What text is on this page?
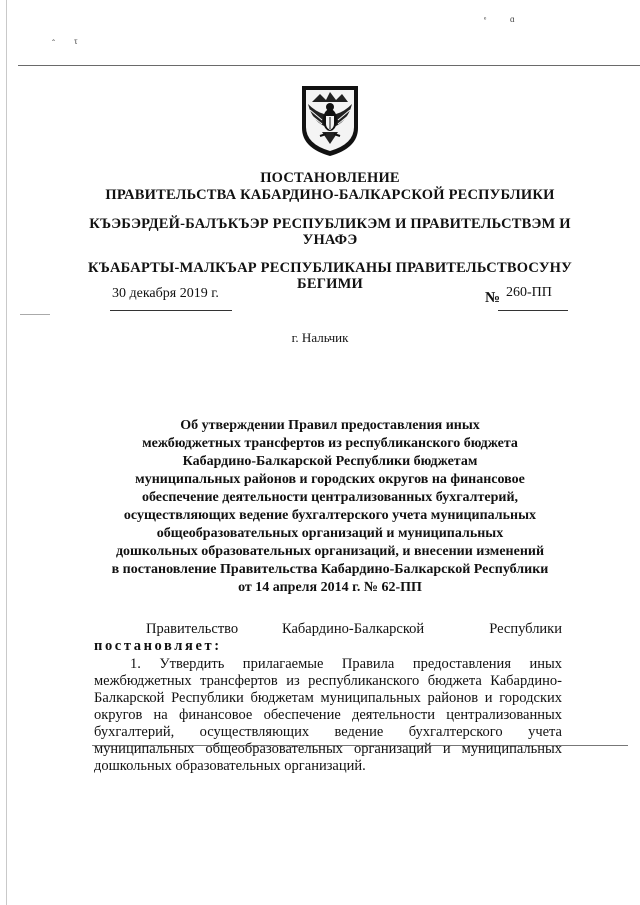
ˆ τ
ᵉ	ɑ
ПОСТАНОВЛЕНИЕ
ПРАВИТЕЛЬСТВА КАБАРДИНО-БАЛКАРСКОЙ РЕСПУБЛИКИ
КЪЭБЭРДЕЙ-БАЛЪКЪЭР РЕСПУБЛИКЭМ И ПРАВИТЕЛЬСТВЭМ И
УНАФЭ
КЪАБАРТЫ-МАЛКЪАР РЕСПУБЛИКАНЫ ПРАВИТЕЛЬСТВОСУНУ
БЕГИМИ
30 декабря 2019 г.	№ 260-ПП
г. Нальчик
Об утверждении Правил предоставления иных
межбюджетных трансфертов из республиканского бюджета
Кабардино-Балкарской Республики бюджетам
муниципальных районов и городских округов на финансовое
обеспечение деятельности централизованных бухгалтерий,
осуществляющих ведение бухгалтерского учета муниципальных
общеобразовательных организаций и муниципальных
дошкольных образовательных организаций, и внесении изменений
в постановление Правительства Кабардино-Балкарской Республики
от 14 апреля 2014 г. № 62-ПП
Правительство	Кабардино-Балкарской	Республики
постановляет:
1. Утвердить прилагаемые Правила предоставления иных межбюджетных трансфертов из республиканского бюджета Кабардино-Балкарской Республики бюджетам муниципальных районов и городских округов на финансовое обеспечение деятельности централизованных бухгалтерий, осуществляющих ведение бухгалтерского учета муниципальных общеобразовательных организаций и муниципальных дошкольных образовательных организаций.
